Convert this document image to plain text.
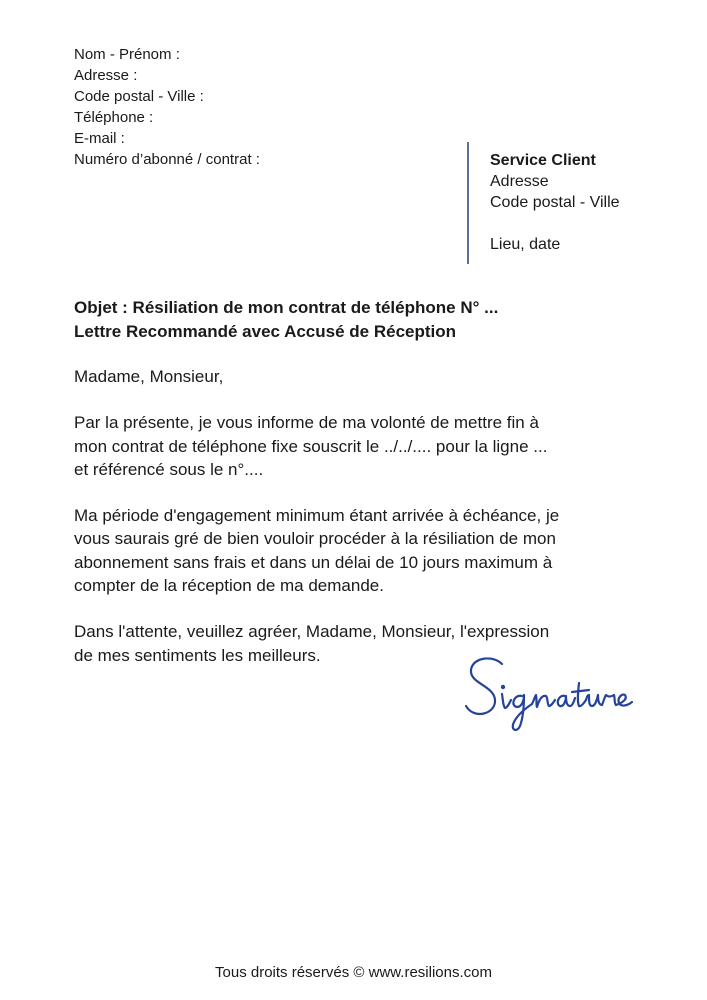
Nom - Prénom :
Adresse :
Code postal - Ville :
Téléphone :
E-mail :
Numéro d’abonné / contrat :	Service Client
Adresse
Code postal - Ville
Lieu, date
Objet : Résiliation de mon contrat de téléphone N° ...
Lettre Recommandé avec Accusé de Réception

Madame, Monsieur,

Par la présente, je vous informe de ma volonté de mettre fin à

mon contrat de téléphone fixe souscrit le ../../.... pour la ligne ...

et référencé sous le n°....

Ma période d'engagement minimum étant arrivée à échéance, je

vous saurais gré de bien vouloir procéder à la résiliation de mon

abonnement sans frais et dans un délai de 10 jours maximum à

compter de la réception de ma demande.

Dans l'attente, veuillez agréer, Madame, Monsieur, l'expression

de mes sentiments les meilleurs.

Tous droits réservés © www.resilions.com
